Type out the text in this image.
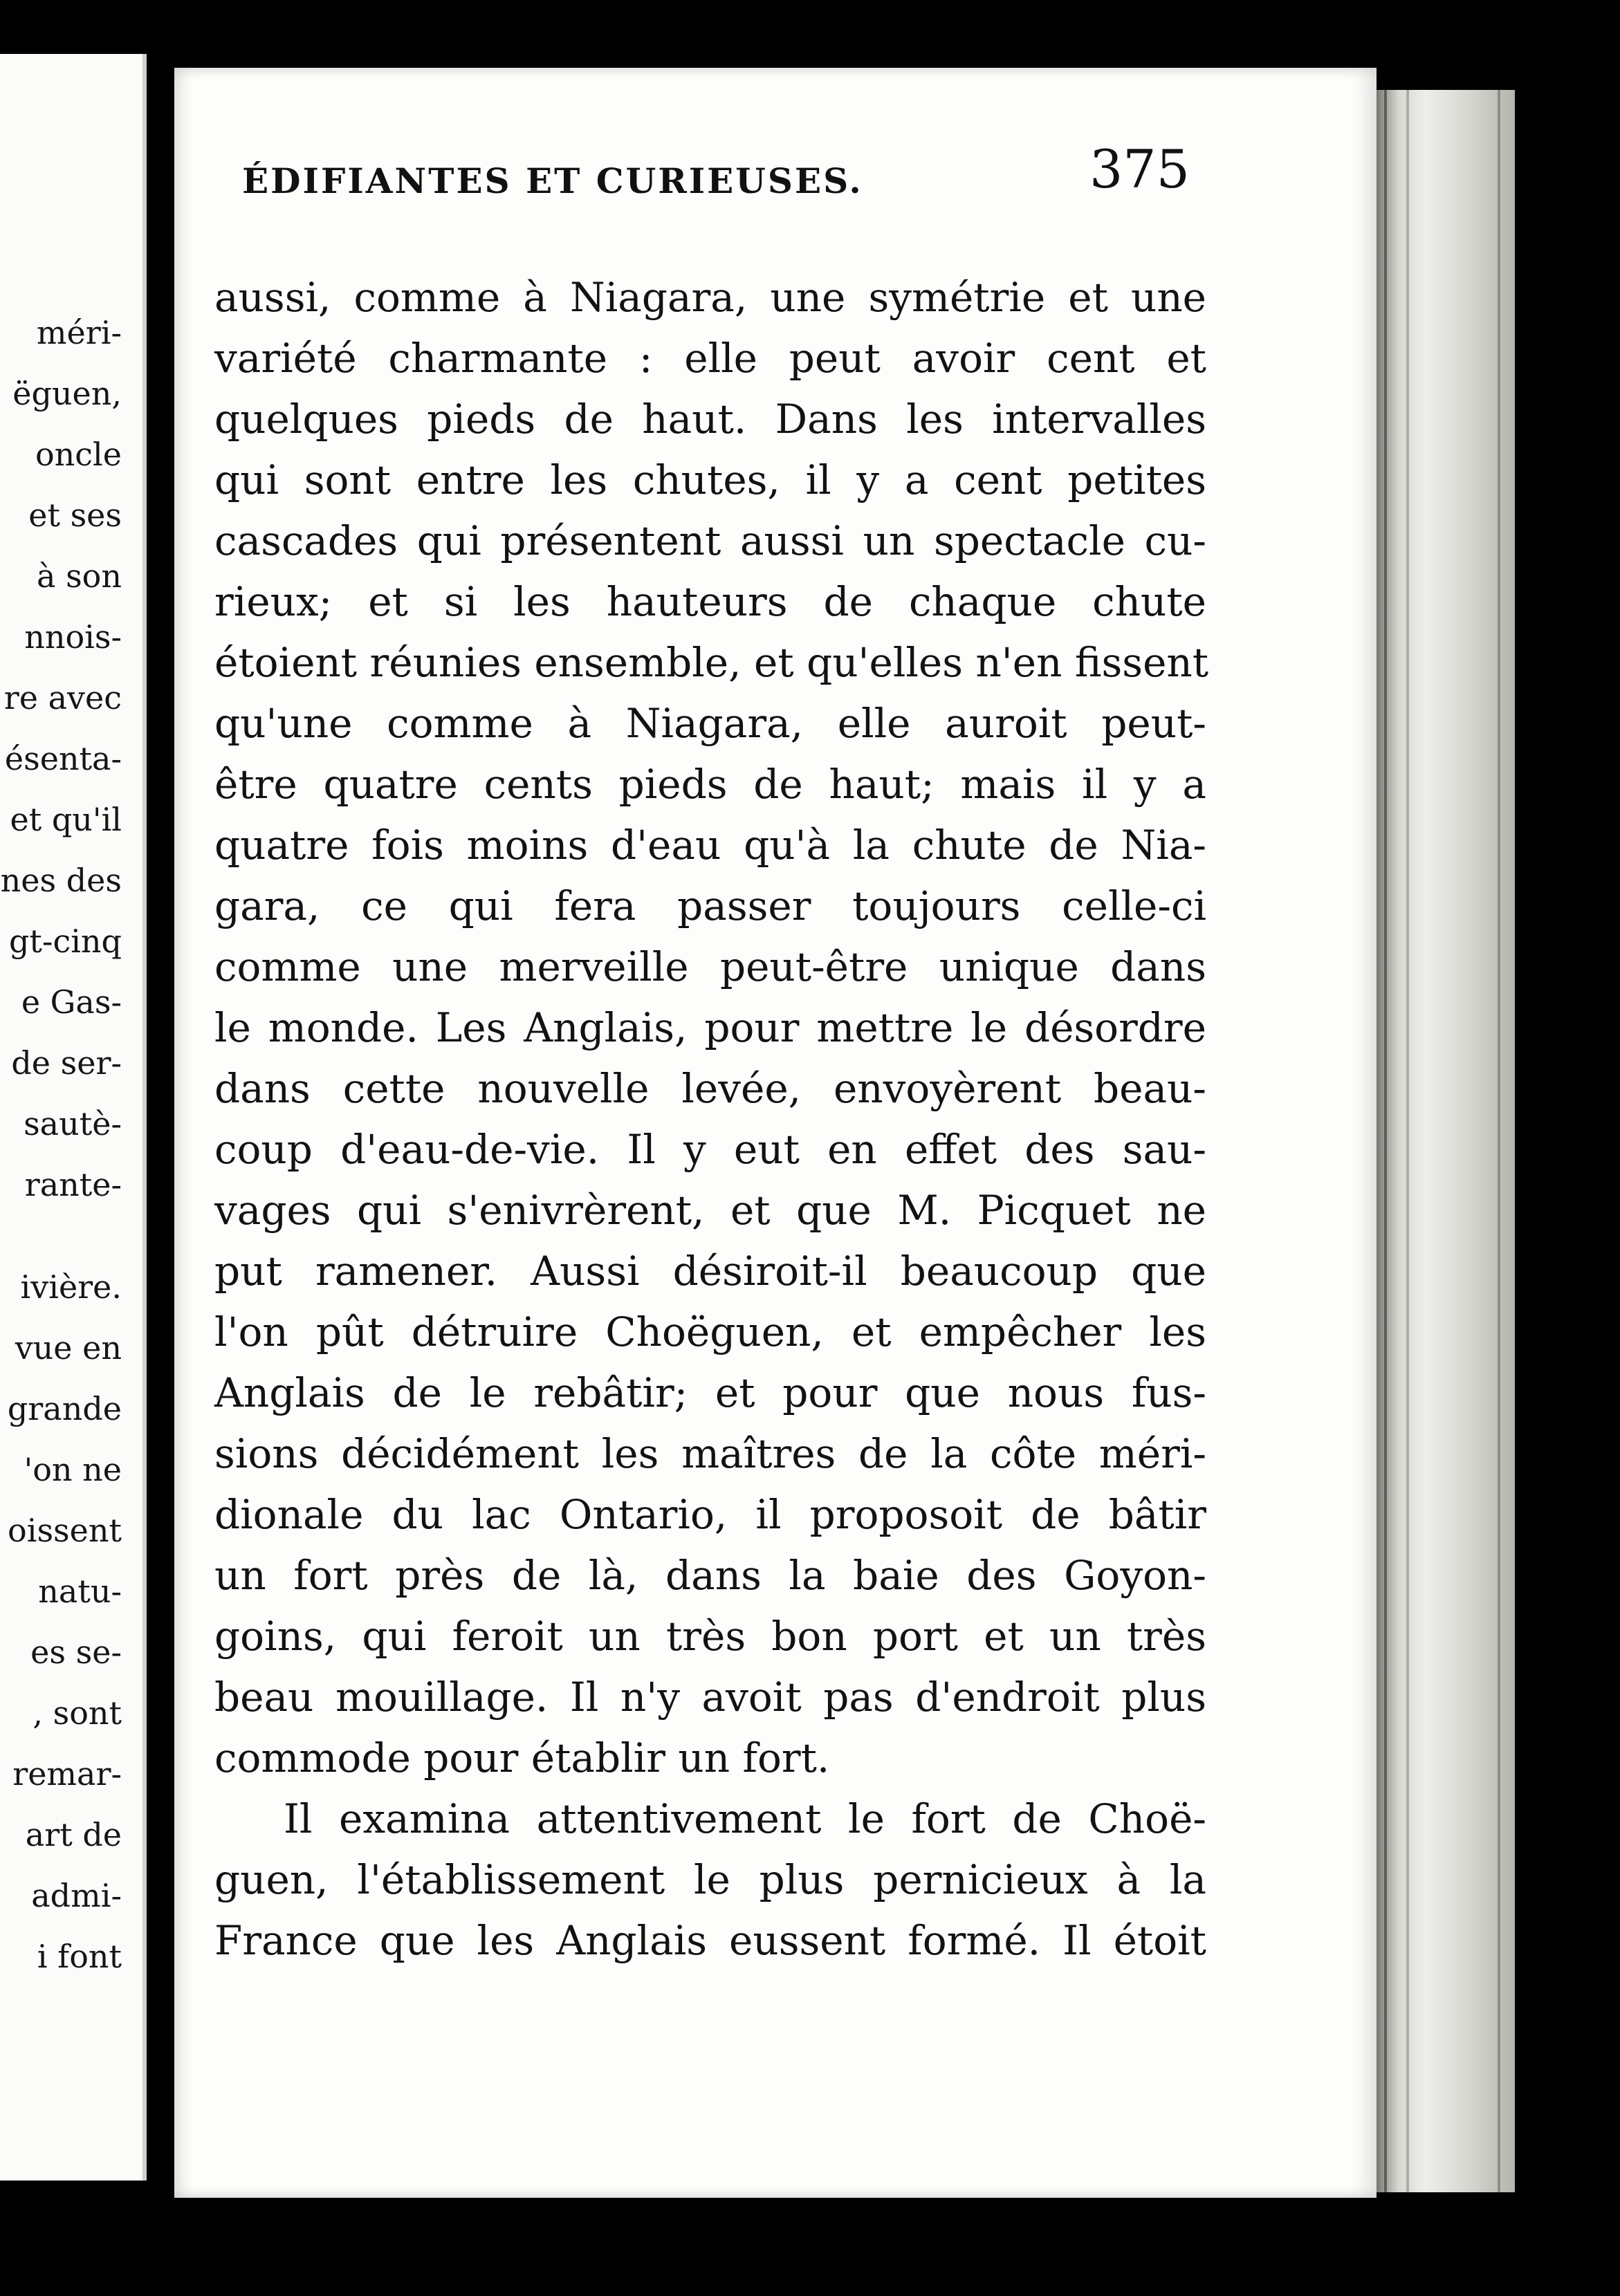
méri-
ëguen,
oncle
et ses
à son
nnois-
re avec
ésenta-
et qu'il
nes des
gt-cinq
e Gas-
de ser-
sautè-
rante-
ivière.
vue en
grande
'on ne
oissent
natu-
es se-
, sont
remar-
art de
admi-
i font
ÉDIFIANTES ET CURIEUSES.	375
aussi, comme à Niagara, une symétrie et une
variété charmante : elle peut avoir cent et
quelques pieds de haut. Dans les intervalles
qui sont entre les chutes, il y a cent petites
cascades qui présentent aussi un spectacle cu-
rieux; et si les hauteurs de chaque chute
étoient réunies ensemble, et qu'elles n'en fissent
qu'une comme à Niagara, elle auroit peut-
être quatre cents pieds de haut; mais il y a
quatre fois moins d'eau qu'à la chute de Nia-
gara, ce qui fera passer toujours celle-ci
comme une merveille peut-être unique dans
le monde. Les Anglais, pour mettre le désordre
dans cette nouvelle levée, envoyèrent beau-
coup d'eau-de-vie. Il y eut en effet des sau-
vages qui s'enivrèrent, et que M. Picquet ne
put ramener. Aussi désiroit-il beaucoup que
l'on pût détruire Choëguen, et empêcher les
Anglais de le rebâtir; et pour que nous fus-
sions décidément les maîtres de la côte méri-
dionale du lac Ontario, il proposoit de bâtir
un fort près de là, dans la baie des Goyon-
goins, qui feroit un très bon port et un très
beau mouillage. Il n'y avoit pas d'endroit plus
commode pour établir un fort.
Il examina attentivement le fort de Choë-
guen, l'établissement le plus pernicieux à la
France que les Anglais eussent formé. Il étoit
